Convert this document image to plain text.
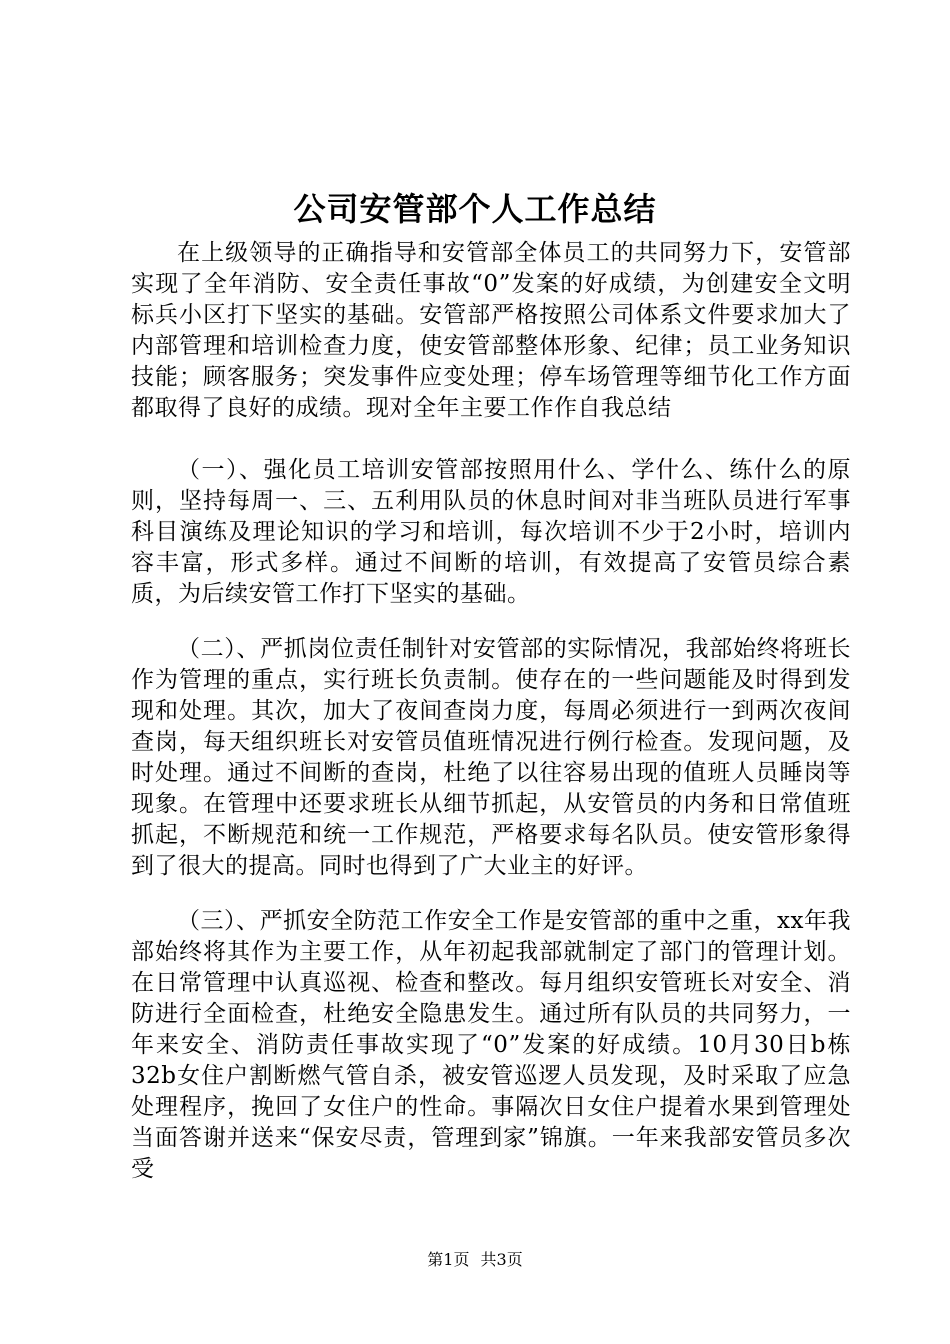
公司安管部个人工作总结

在上级领导的正确指导和安管部全体员工的共同努力下，安管部实现了全年消防、安全责任事故“0”发案的好成绩，为创建安全文明标兵小区打下坚实的基础。安管部严格按照公司体系文件要求加大了内部管理和培训检查力度，使安管部整体形象、纪律；员工业务知识技能；顾客服务；突发事件应变处理；停车场管理等细节化工作方面都取得了良好的成绩。现对全年主要工作作自我总结

（一）、强化员工培训安管部按照用什么、学什么、练什么的原则，坚持每周一、三、五利用队员的休息时间对非当班队员进行军事科目演练及理论知识的学习和培训，每次培训不少于2小时，培训内容丰富，形式多样。通过不间断的培训，有效提高了安管员综合素质，为后续安管工作打下坚实的基础。

（二）、严抓岗位责任制针对安管部的实际情况，我部始终将班长作为管理的重点，实行班长负责制。使存在的一些问题能及时得到发现和处理。其次，加大了夜间查岗力度，每周必须进行一到两次夜间查岗，每天组织班长对安管员值班情况进行例行检查。发现问题，及时处理。通过不间断的查岗，杜绝了以往容易出现的值班人员睡岗等现象。在管理中还要求班长从细节抓起，从安管员的内务和日常值班抓起，不断规范和统一工作规范，严格要求每名队员。使安管形象得到了很大的提高。同时也得到了广大业主的好评。

（三）、严抓安全防范工作安全工作是安管部的重中之重，xx年我部始终将其作为主要工作，从年初起我部就制定了部门的管理计划。在日常管理中认真巡视、检查和整改。每月组织安管班长对安全、消防进行全面检查，杜绝安全隐患发生。通过所有队员的共同努力，一年来安全、消防责任事故实现了“0”发案的好成绩。10月30日b栋32b女住户割断燃气管自杀，被安管巡逻人员发现，及时采取了应急处理程序，挽回了女住户的性命。事隔次日女住户提着水果到管理处当面答谢并送来“保安尽责，管理到家”锦旗。一年来我部安管员多次受

第1页 共3页
